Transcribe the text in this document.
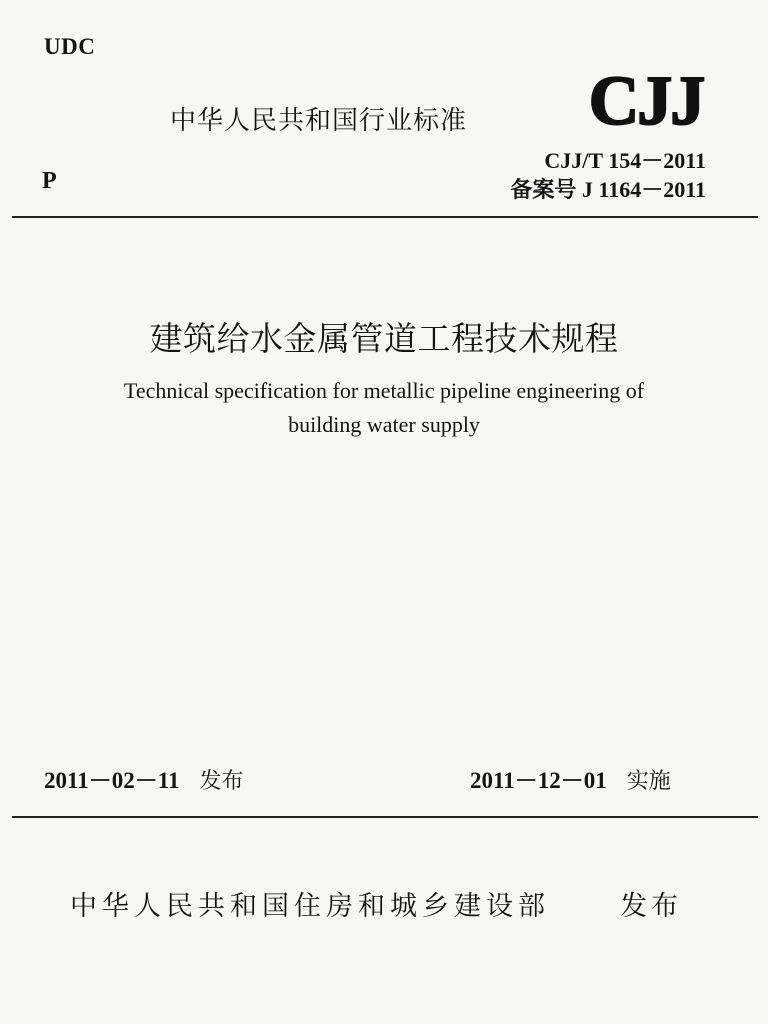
UDC
中华人民共和国行业标准 CJJ
P
CJJ/T 154－2011
备案号 J 1164－2011
建筑给水金属管道工程技术规程
Technical specification for metallic pipeline engineering of
building water supply
2011－02－11 发布	2011－12－01 实施
中华人民共和国住房和城乡建设部	发布
